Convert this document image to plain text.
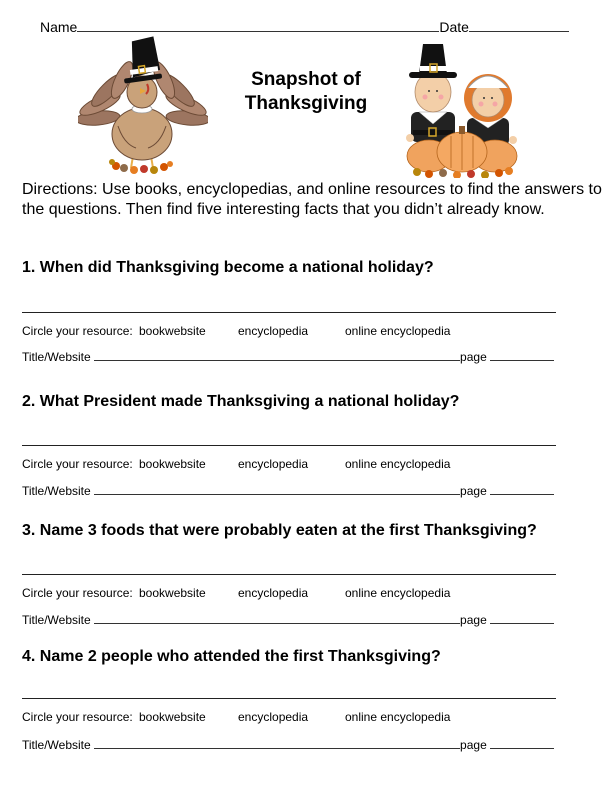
Name	Date
Snapshot of
Thanksgiving
Directions: Use books, encyclopedias, and online resources to find the answers to the questions. Then find five interesting facts that you didn’t already know.
1. When did Thanksgiving become a national holiday?
Circle your resource: bookwebsite	encyclopedia	online encyclopedia
Title/Website	page
2. What President made Thanksgiving a national holiday?
Circle your resource: bookwebsite	encyclopedia	online encyclopedia
Title/Website	page
3. Name 3 foods that were probably eaten at the first Thanksgiving?
Circle your resource: bookwebsite	encyclopedia	online encyclopedia
Title/Website	page
4. Name 2 people who attended the first Thanksgiving?
Circle your resource: bookwebsite	encyclopedia	online encyclopedia
Title/Website	page
